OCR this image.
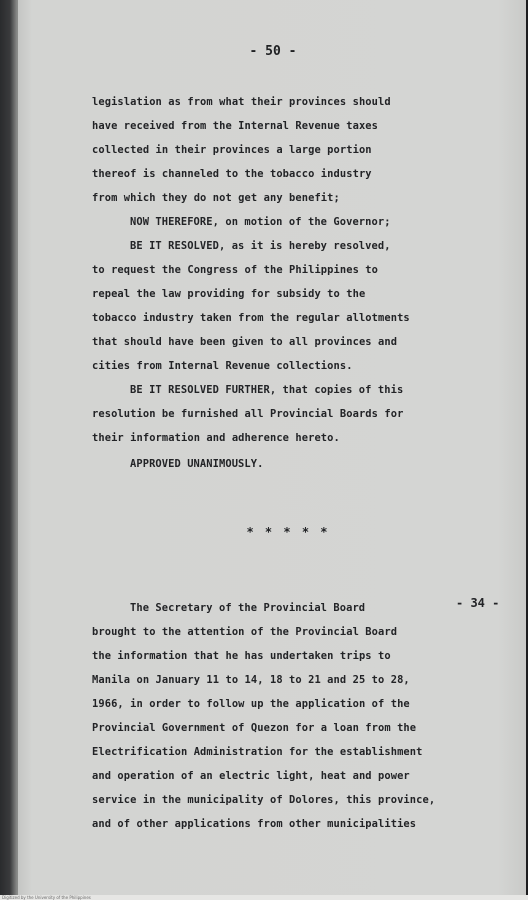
- 50 -

legislation as from what their provinces should

have received from the Internal Revenue taxes

collected in their provinces a large portion

thereof is channeled to the tobacco industry

from which they do not get any benefit;

NOW THEREFORE, on motion of the Governor;

BE IT RESOLVED, as it is hereby resolved,

to request the Congress of the Philippines to

repeal the law providing for subsidy to the

tobacco industry taken from the regular allotments

that should have been given to all provinces and

cities from Internal Revenue collections.

BE IT RESOLVED FURTHER, that copies of this

resolution be furnished all Provincial Boards for

their information and adherence hereto.

APPROVED UNANIMOUSLY.

The Secretary of the Provincial Board

brought to the attention of the Provincial Board

the information that he has undertaken trips to

Manila on January 11 to 14, 18 to 21 and 25 to 28,

1966, in order to follow up the application of the

Provincial Government of Quezon for a loan from the

Electrification Administration for the establishment

and operation of an electric light, heat and power

service in the municipality of Dolores, this province,

and of other applications from other municipalities

* * * * *
- 34 -
Digitized by the University of the Philippines
